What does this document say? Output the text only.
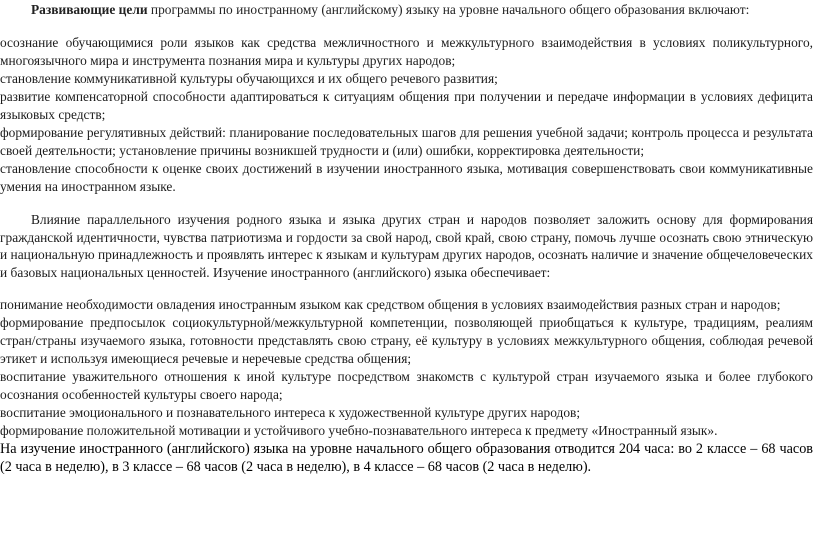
Развивающие цели программы по иностранному (английскому) языку на уровне начального общего образования включают:

осознание обучающимися роли языков как средства межличностного и межкультурного взаимодействия в условиях поликультурного, многоязычного мира и инструмента познания мира и культуры других народов;

становление коммуникативной культуры обучающихся и их общего речевого развития;

развитие компенсаторной способности адаптироваться к ситуациям общения при получении и передаче информации в условиях дефицита языковых средств;

формирование регулятивных действий: планирование последовательных шагов для решения учебной задачи; контроль процесса и результата своей деятельности; установление причины возникшей трудности и (или) ошибки, корректировка деятельности;

становление способности к оценке своих достижений в изучении иностранного языка, мотивация совершенствовать свои коммуникативные умения на иностранном языке.

Влияние параллельного изучения родного языка и языка других стран и народов позволяет заложить основу для формирования гражданской идентичности, чувства патриотизма и гордости за свой народ, свой край, свою страну, помочь лучше осознать свою этническую и национальную принадлежность и проявлять интерес к языкам и культурам других народов, осознать наличие и значение общечеловеческих и базовых национальных ценностей. Изучение иностранного (английского) языка обеспечивает:

понимание необходимости овладения иностранным языком как средством общения в условиях взаимодействия разных стран и народов;

формирование предпосылок социокультурной/межкультурной компетенции, позволяющей приобщаться к культуре, традициям, реалиям стран/страны изучаемого языка, готовности представлять свою страну, её культуру в условиях межкультурного общения, соблюдая речевой этикет и используя имеющиеся речевые и неречевые средства общения;

воспитание уважительного отношения к иной культуре посредством знакомств с культурой стран изучаемого языка и более глубокого осознания особенностей культуры своего народа;

воспитание эмоционального и познавательного интереса к художественной культуре других народов;

формирование положительной мотивации и устойчивого учебно-познавательного интереса к предмету «Иностранный язык».

На изучение иностранного (английского) языка на уровне начального общего образования отводится 204 часа: во 2 классе – 68 часов (2 часа в неделю), в 3 классе – 68 часов (2 часа в неделю), в 4 классе – 68 часов (2 часа в неделю).
